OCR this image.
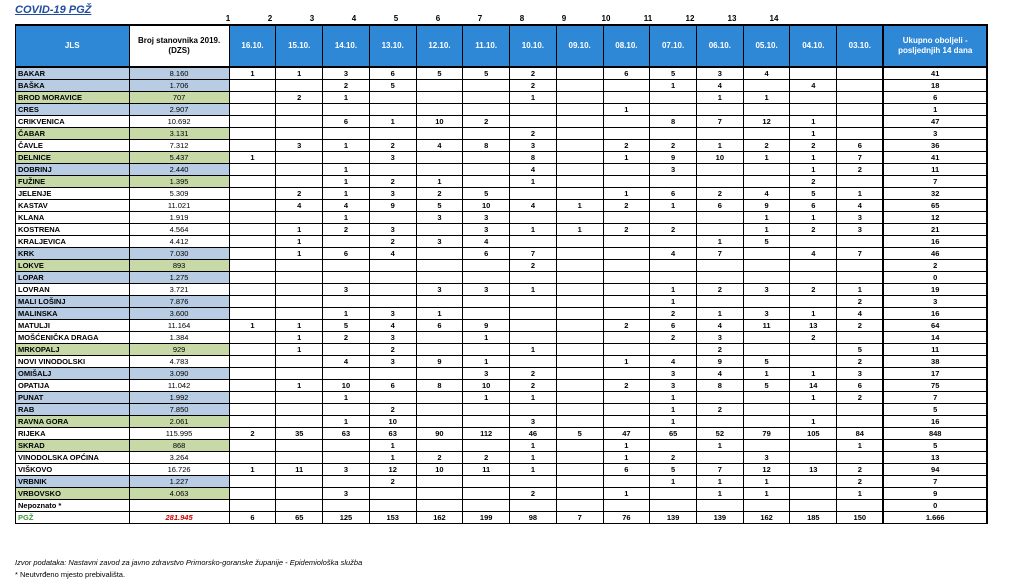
COVID-19 PGŽ
1	2	3	4	5	6	7	8	9	10	11	12	13	14
JLS	Broj stanovnika 2019. (DZS)	16.10.	15.10.	14.10.	13.10.	12.10.	11.10.	10.10.	09.10.	08.10.	07.10.	06.10.	05.10.	04.10.	03.10.	Ukupno oboljeli - posljednjih 14 dana
BAKAR	8.160	1	1	3	6	5	5	2		6	5	3	4			41
BAŠKA	1.706			2	5			2			1	4		4		18
BROD MORAVICE	707		2	1				1				1	1			6
CRES	2.907									1						1
CRIKVENICA	10.692			6	1	10	2				8	7	12	1		47
ČABAR	3.131							2						1		3
ČAVLE	7.312		3	1	2	4	8	3		2	2	1	2	2	6	36
DELNICE	5.437	1			3			8		1	9	10	1	1	7	41
DOBRINJ	2.440			1				4			3			1	2	11
FUŽINE	1.395			1	2	1		1						2		7
JELENJE	5.309		2	1	3	2	5			1	6	2	4	5	1	32
KASTAV	11.021		4	4	9	5	10	4	1	2	1	6	9	6	4	65
KLANA	1.919			1		3	3						1	1	3	12
KOSTRENA	4.564		1	2	3		3	1	1	2	2		1	2	3	21
KRALJEVICA	4.412		1		2	3	4					1	5			16
KRK	7.030		1	6	4		6	7			4	7		4	7	46
LOKVE	893							2								2
LOPAR	1.275															0
LOVRAN	3.721			3		3	3	1			1	2	3	2	1	19
MALI LOŠINJ	7.876										1				2	3
MALINSKA	3.600			1	3	1					2	1	3	1	4	16
MATULJI	11.164	1	1	5	4	6	9			2	6	4	11	13	2	64
MOŠĆENIČKA DRAGA	1.384		1	2	3		1				2	3		2		14
MRKOPALJ	929		1		2			1				2			5	11
NOVI VINODOLSKI	4.783			4	3	9	1			1	4	9	5		2	38
OMIŠALJ	3.090						3	2			3	4	1	1	3	17
OPATIJA	11.042		1	10	6	8	10	2		2	3	8	5	14	6	75
PUNAT	1.992			1			1	1			1			1	2	7
RAB	7.850				2						1	2				5
RAVNA GORA	2.061			1	10			3			1			1		16
RIJEKA	115.995	2	35	63	63	90	112	46	5	47	65	52	79	105	84	848
SKRAD	868				1			1		1		1			1	5
VINODOLSKA OPĆINA	3.264				1	2	2	1		1	2		3			13
VIŠKOVO	16.726	1	11	3	12	10	11	1		6	5	7	12	13	2	94
VRBNIK	1.227				2						1	1	1		2	7
VRBOVSKO	4.063			3				2		1		1	1		1	9
Nepoznato *																0
PGŽ	281.945	6	65	125	153	162	199	98	7	76	139	139	162	185	150	1.666
Izvor podataka: Nastavni zavod za javno zdravstvo Primorsko-goranske županije - Epidemiološka služba
* Neutvrđeno mjesto prebivališta.
